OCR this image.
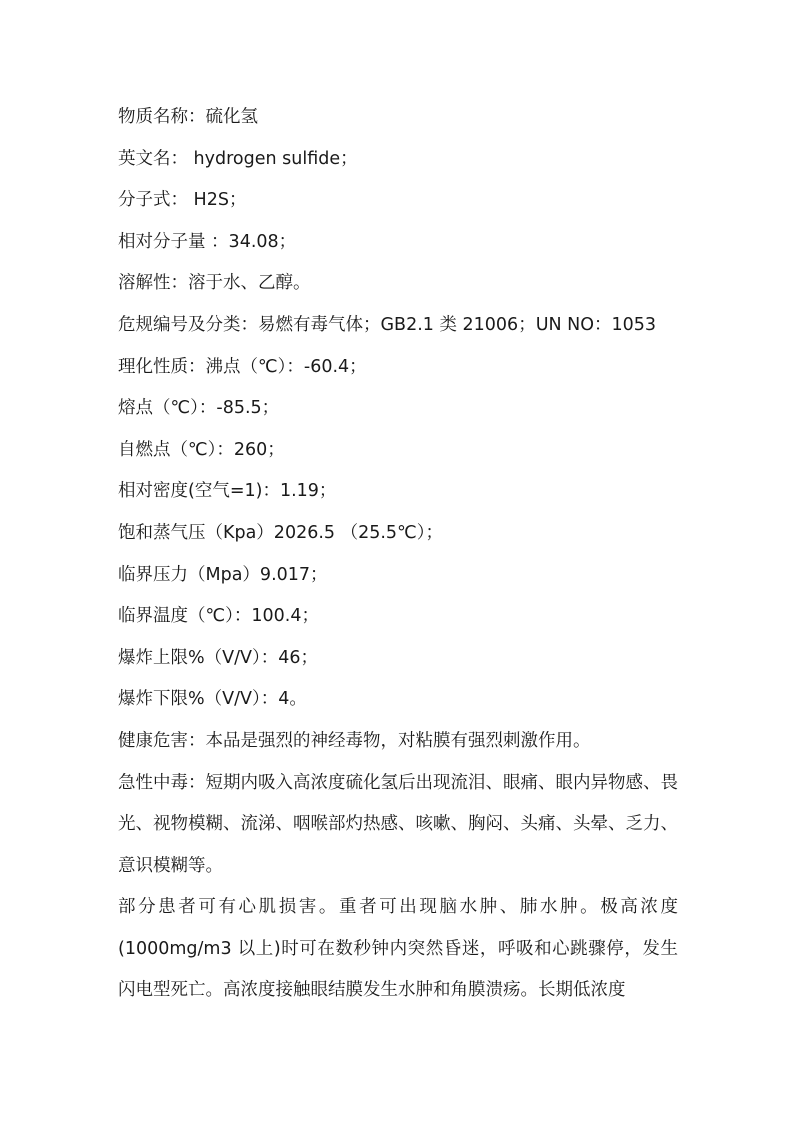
物质名称：硫化氢
英文名： hydrogen sulfide；
分子式： H2S；
相对分子量 ：34.08；
溶解性：溶于水、乙醇。
危规编号及分类：易燃有毒气体；GB2.1 类 21006；UN NO：1053
理化性质：沸点（℃）：-60.4；
熔点（℃）：-85.5；
自燃点（℃）：260；
相对密度(空气=1)：1.19；
饱和蒸气压（Kpa）2026.5 （25.5℃）；
临界压力（Mpa）9.017；
临界温度（℃）：100.4；
爆炸上限%（V/V）：46；
爆炸下限%（V/V）：4。
健康危害：本品是强烈的神经毒物，对粘膜有强烈刺激作用。
急性中毒：短期内吸入高浓度硫化氢后出现流泪、眼痛、眼内异物感、畏光、视物模糊、流涕、咽喉部灼热感、咳嗽、胸闷、头痛、头晕、乏力、意识模糊等。
部分患者可有心肌损害。重者可出现脑水肿、肺水肿。极高浓度(1000mg/m3 以上)时可在数秒钟内突然昏迷，呼吸和心跳骤停，发生闪电型死亡。高浓度接触眼结膜发生水肿和角膜溃疡。长期低浓度
